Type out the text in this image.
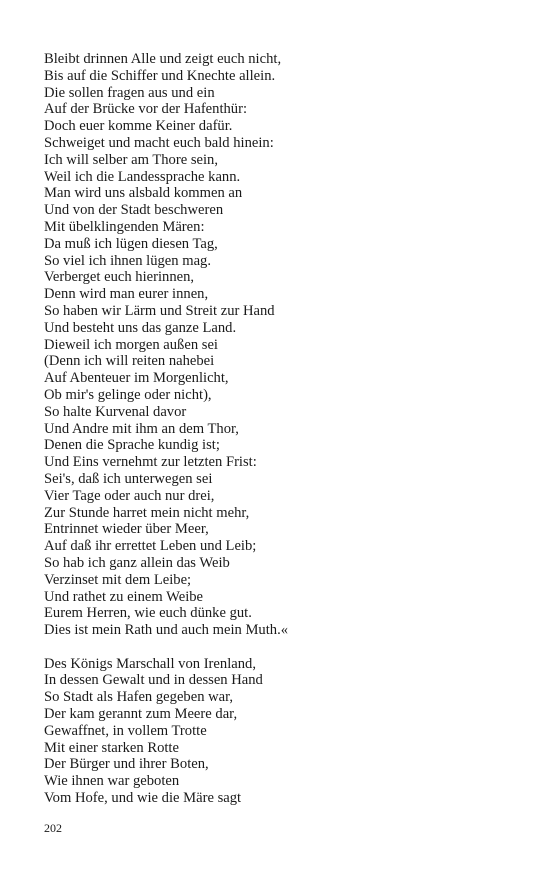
Bleibt drinnen Alle und zeigt euch nicht,
Bis auf die Schiffer und Knechte allein.
Die sollen fragen aus und ein
Auf der Brücke vor der Hafenthür:
Doch euer komme Keiner dafür.
Schweiget und macht euch bald hinein:
Ich will selber am Thore sein,
Weil ich die Landessprache kann.
Man wird uns alsbald kommen an
Und von der Stadt beschweren
Mit übelklingenden Mären:
Da muß ich lügen diesen Tag,
So viel ich ihnen lügen mag.
Verberget euch hierinnen,
Denn wird man eurer innen,
So haben wir Lärm und Streit zur Hand
Und besteht uns das ganze Land.
Dieweil ich morgen außen sei
(Denn ich will reiten nahebei
Auf Abenteuer im Morgenlicht,
Ob mir's gelinge oder nicht),
So halte Kurvenal davor
Und Andre mit ihm an dem Thor,
Denen die Sprache kundig ist;
Und Eins vernehmt zur letzten Frist:
Sei's, daß ich unterwegen sei
Vier Tage oder auch nur drei,
Zur Stunde harret mein nicht mehr,
Entrinnet wieder über Meer,
Auf daß ihr errettet Leben und Leib;
So hab ich ganz allein das Weib
Verzinset mit dem Leibe;
Und rathet zu einem Weibe
Eurem Herren, wie euch dünke gut.
Dies ist mein Rath und auch mein Muth.«
Des Königs Marschall von Irenland,
In dessen Gewalt und in dessen Hand
So Stadt als Hafen gegeben war,
Der kam gerannt zum Meere dar,
Gewaffnet, in vollem Trotte
Mit einer starken Rotte
Der Bürger und ihrer Boten,
Wie ihnen war geboten
Vom Hofe, und wie die Märe sagt
202
